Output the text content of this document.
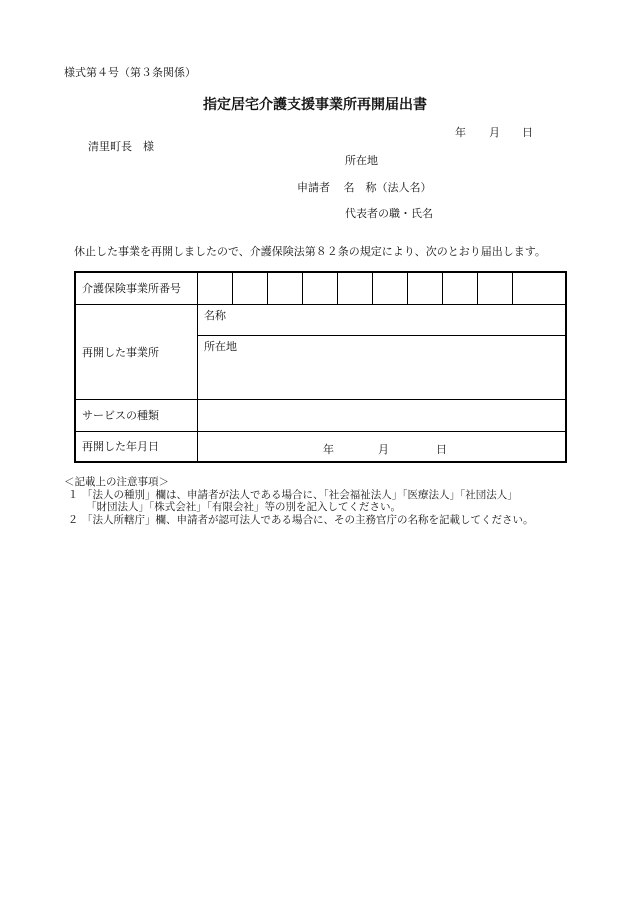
様式第４号（第３条関係）
指定居宅介護支援事業所再開届出書
年 月 日
清里町長　様
所在地
申請者 名　称（法人名）
代表者の職・氏名
休止した事業を再開しましたので、介護保険法第８２条の規定により、次のとおり届出します。
介護保険事業所番号										
再開した事業所	名称
所在地									

サービスの種類										
再開した年月日	年 月 日									
＜記載上の注意事項＞
１ 「法人の種別」欄は、申請者が法人である場合に、「社会福祉法人」「医療法人」「社団法人」
「財団法人」「株式会社」「有限会社」等の別を記入してください。
２ 「法人所轄庁」欄、申請者が認可法人である場合に、その主務官庁の名称を記載してください。
